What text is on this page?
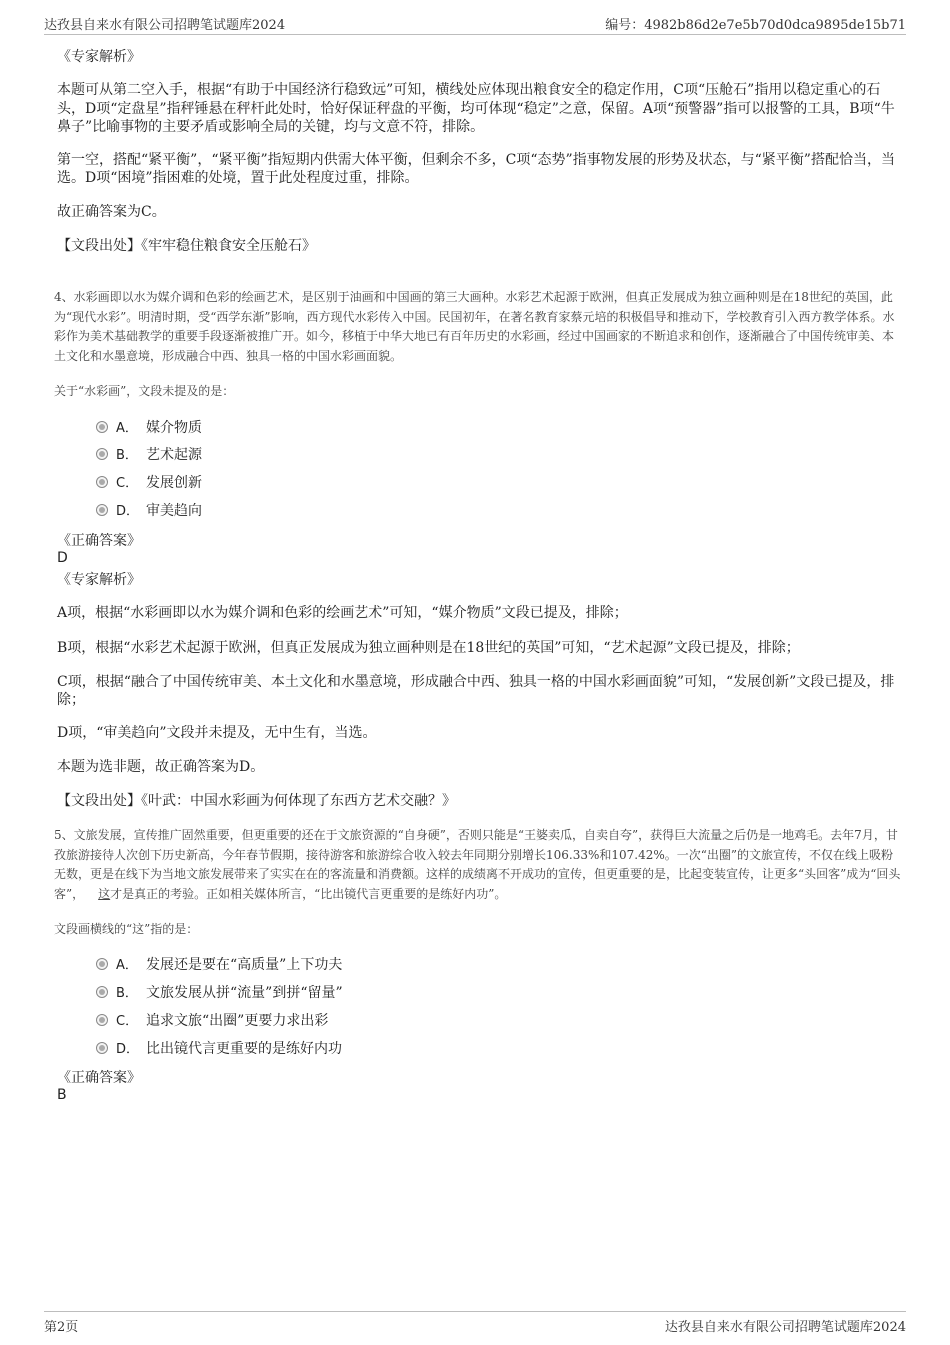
达孜县自来水有限公司招聘笔试题库2024	编号：4982b86d2e7e5b70d0dca9895de15b71

《专家解析》

本题可从第二空入手，根据“有助于中国经济行稳致远”可知，横线处应体现出粮食安全的稳定作用，C项“压舱石”指用以稳定重心的石头，D项“定盘星”指秤锤悬在秤杆此处时，恰好保证秤盘的平衡，均可体现“稳定”之意，保留。A项“预警器”指可以报警的工具，B项“牛鼻子”比喻事物的主要矛盾或影响全局的关键，均与文意不符，排除。

第一空，搭配“紧平衡”，“紧平衡”指短期内供需大体平衡，但剩余不多，C项“态势”指事物发展的形势及状态，与“紧平衡”搭配恰当，当选。D项“困境”指困难的处境，置于此处程度过重，排除。

故正确答案为C。

【文段出处】《牢牢稳住粮食安全压舱石》

4、水彩画即以水为媒介调和色彩的绘画艺术，是区别于油画和中国画的第三大画种。水彩艺术起源于欧洲，但真正发展成为独立画种则是在18世纪的英国，此为“现代水彩”。明清时期，受“西学东渐”影响，西方现代水彩传入中国。民国初年，在著名教育家蔡元培的积极倡导和推动下，学校教育引入西方教学体系。水彩作为美术基础教学的重要手段逐渐被推广开。如今，移植于中华大地已有百年历史的水彩画，经过中国画家的不断追求和创作，逐渐融合了中国传统审美、本土文化和水墨意境，形成融合中西、独具一格的中国水彩画面貌。

关于“水彩画”，文段未提及的是：

A． 媒介物质
B． 艺术起源
C． 发展创新
D． 审美趋向

《正确答案》

D

《专家解析》

A项，根据“水彩画即以水为媒介调和色彩的绘画艺术”可知，“媒介物质”文段已提及，排除；

B项，根据“水彩艺术起源于欧洲，但真正发展成为独立画种则是在18世纪的英国”可知，“艺术起源”文段已提及，排除；

C项，根据“融合了中国传统审美、本土文化和水墨意境，形成融合中西、独具一格的中国水彩画面貌”可知，“发展创新”文段已提及，排除；

D项，“审美趋向”文段并未提及，无中生有，当选。

本题为选非题，故正确答案为D。

【文段出处】《叶武：中国水彩画为何体现了东西方艺术交融？》

5、文旅发展，宣传推广固然重要，但更重要的还在于文旅资源的“自身硬”，否则只能是“王婆卖瓜，自卖自夸”，获得巨大流量之后仍是一地鸡毛。去年7月，甘孜旅游接待人次创下历史新高，今年春节假期，接待游客和旅游综合收入较去年同期分别增长106.33%和107.42%。一次“出圈”的文旅宣传，不仅在线上吸粉无数，更是在线下为当地文旅发展带来了实实在在的客流量和消费额。这样的成绩离不开成功的宣传，但更重要的是，比起变装宣传，让更多“头回客”成为“回头客”， 这才是真正的考验。正如相关媒体所言，“比出镜代言更重要的是练好内功”。

文段画横线的“这”指的是：

A． 发展还是要在“高质量”上下功夫
B． 文旅发展从拼“流量”到拼“留量”
C． 追求文旅“出圈”更要力求出彩
D． 比出镜代言更重要的是练好内功

《正确答案》

B
第2页	达孜县自来水有限公司招聘笔试题库2024
